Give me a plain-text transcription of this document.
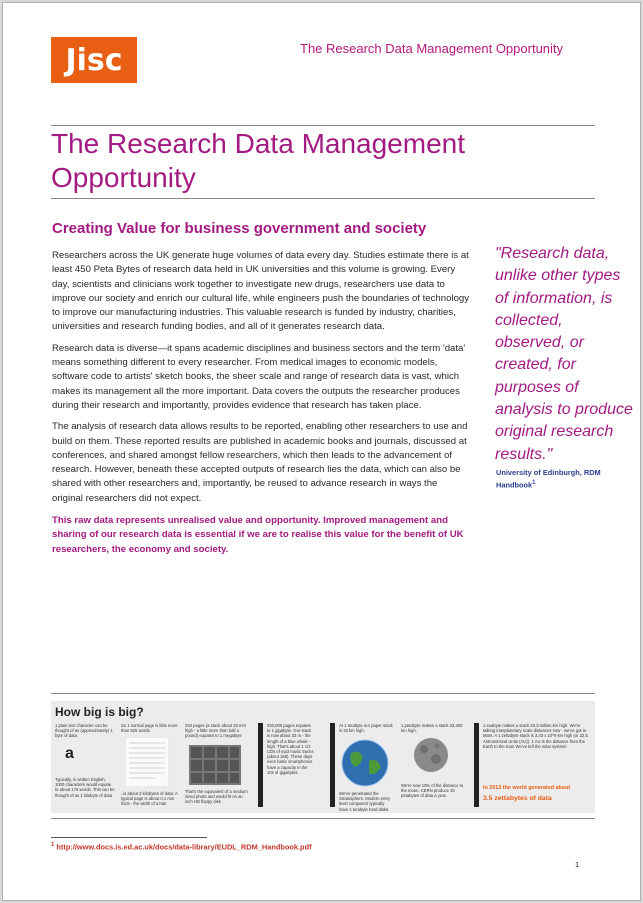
Jisc	The Research Data Management Opportunity
The Research Data Management Opportunity
Creating Value for business government and society

Researchers across the UK generate huge volumes of data every day. Studies estimate there is at least 450 Peta Bytes of research data held in UK universities and this volume is growing. Every day, scientists and clinicians work together to investigate new drugs, researchers use data to improve our society and enrich our cultural life, while engineers push the boundaries of technology to improve our manufacturing industries. This valuable research is funded by industry, charities, universities and research funding bodies, and all of it generates research data.

Research data is diverse—it spans academic disciplines and business sectors and the term 'data' means something different to every researcher. From medical images to economic models, software code to artists' sketch books, the sheer scale and range of research data is vast, which makes its management all the more important. Data covers the outputs the researcher produces during their research and importantly, provides evidence that research has taken place.

The analysis of research data allows results to be reported, enabling other researchers to use and build on them. These reported results are published in academic books and journals, discussed at conferences, and shared amongst fellow researchers, which then leads to the advancement of research. However, beneath these accepted outputs of research lies the data, which can also be shared with other researchers and, importantly, be reused to advance research in ways the original researchers did not expect.

This raw data represents unrealised value and opportunity. Improved management and sharing of our research data is essential if we are to realise this value for the benefit of UK researchers, the economy and society.

"Research data, unlike other types of information, is collected, observed, or created, for purposes of analysis to produce original research results."
University of Edinburgh, RDM Handbook$^1$
How big is big?
1 plain text character can be thought of as (approximately) 1 byte of data.
a
Typically, in written English, 1000 characters would equate to about 175 words. This can be thought of as 1 kilobyte of data
So 1 normal page is little more than 525 words.
..is about 3 kilobytes of data. A typical page is about 0.1 mm thick - the width of a hair
333 pages (a stack about 33 mm high - a little more than half a pound) equates to 1 megabyte
That's the equivalent of a medium sized photo and would fit on an inch HD floppy disk
333,000 pages equates to 1 gigabyte. Our stack is now about 33 m - the length of a blue whale - high. That's about 1 1/2 CDs of mp3 music tracks (about 150). These days even basic smartphones have a capacity in the 10s of gigabytes.
At 1 terabyte our paper stack is 33 km high.
We've penetrated the Stratosphere. Modern entry level computers typically have 1 terabyte hard disks.
1 petabyte makes a stack 33,300 km high.
We're now 10% of the distance to the moon. CERN produce 30 petabytes of data a year.
1 exabyte makes a stack 33.3 million km high. We're talking interplanetary scale distances now - we've got to Mars. A 1 zettabyte stack is 3.33 x 10^9 km high (or 22.5 Astronomical Units (AU)). 1 AU is the distance from the Earth to the Sun! We've left the solar system!
In 2013 the world generated about
3.5 zettabytes of data
$^1$ http://www.docs.is.ed.ac.uk/docs/data-library/EUDL_RDM_Handbook.pdf
1
